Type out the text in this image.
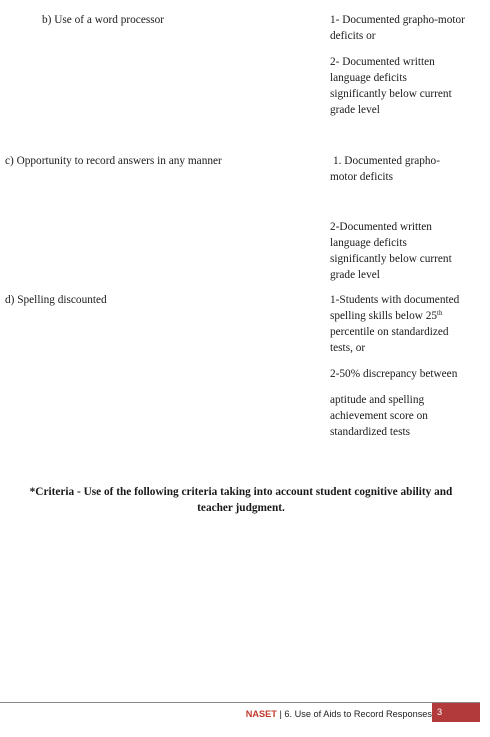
b) Use of a word processor	1- Documented grapho-motor
deficits or
2- Documented written
language deficits
significantly below current
grade level

c) Opportunity to record answers in any manner	1. Documented grapho-
motor deficits
2-Documented written
language deficits
significantly below current
grade level

d) Spelling discounted	1-Students with documented
spelling skills below 25th
percentile on standardized
tests, or
2-50% discrepancy between
aptitude and spelling
achievement score on
standardized tests
*Criteria - Use of the following criteria taking into account student cognitive ability and
teacher judgment.
NASET | 6. Use of Aids to Record Responses 3
